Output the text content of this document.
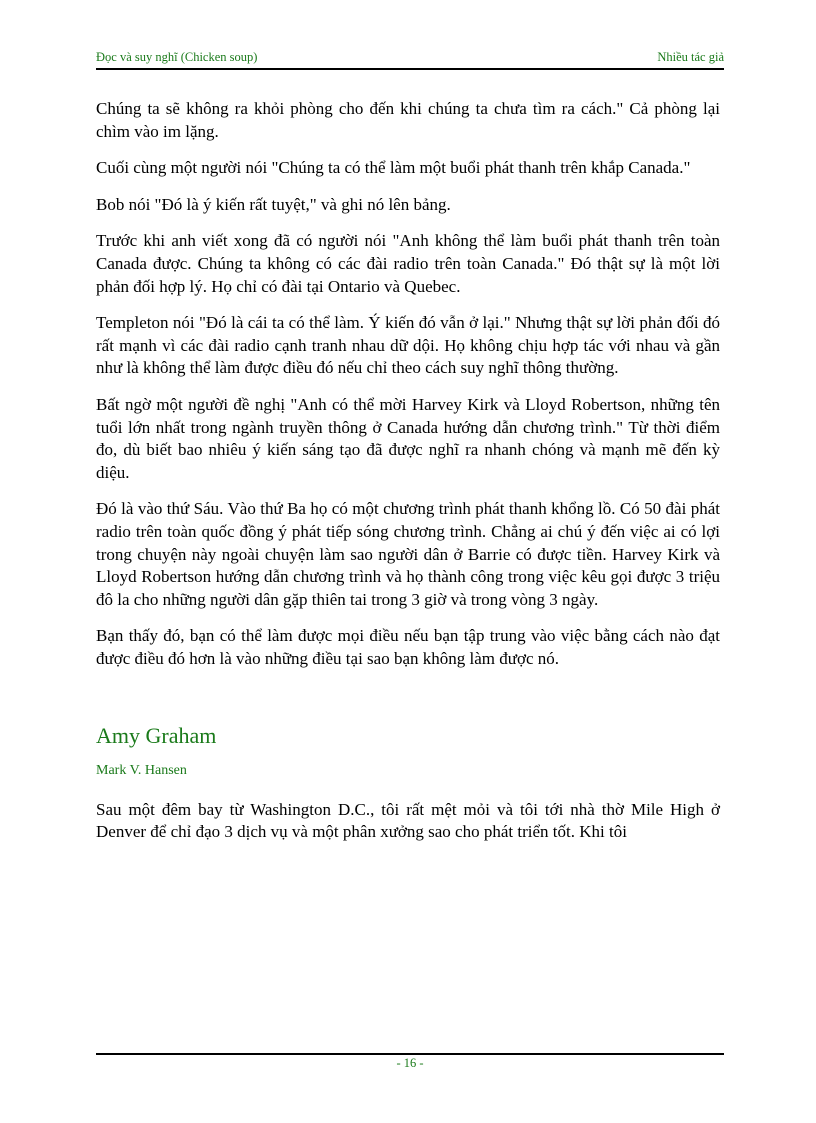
Đọc và suy nghĩ (Chicken soup)	Nhiều tác giả

Chúng ta sẽ không ra khỏi phòng cho đến khi chúng ta chưa tìm ra cách." Cả phòng lại chìm vào im lặng.

Cuối cùng một người nói "Chúng ta có thể làm một buổi phát thanh trên khắp Canada."

Bob nói "Đó là ý kiến rất tuyệt," và ghi nó lên bảng.

Trước khi anh viết xong đã có người nói "Anh không thể làm buổi phát thanh trên toàn Canada được. Chúng ta không có các đài radio trên toàn Canada." Đó thật sự là một lời phản đối hợp lý. Họ chỉ có đài tại Ontario và Quebec.

Templeton nói "Đó là cái ta có thể làm. Ý kiến đó vẫn ở lại." Nhưng thật sự lời phản đối đó rất mạnh vì các đài radio cạnh tranh nhau dữ dội. Họ không chịu hợp tác với nhau và gần như là không thể làm được điều đó nếu chỉ theo cách suy nghĩ thông thường.

Bất ngờ một người đề nghị "Anh có thể mời Harvey Kirk và Lloyd Robertson, những tên tuổi lớn nhất trong ngành truyền thông ở Canada hướng dẫn chương trình." Từ thời điểm đo, dù biết bao nhiêu ý kiến sáng tạo đã được nghĩ ra nhanh chóng và mạnh mẽ đến kỳ diệu.

Đó là vào thứ Sáu. Vào thứ Ba họ có một chương trình phát thanh khổng lồ. Có 50 đài phát radio trên toàn quốc đồng ý phát tiếp sóng chương trình. Chẳng ai chú ý đến việc ai có lợi trong chuyện này ngoài chuyện làm sao người dân ở Barrie có được tiền. Harvey Kirk và Lloyd Robertson hướng dẫn chương trình và họ thành công trong việc kêu gọi được 3 triệu đô la cho những người dân gặp thiên tai trong 3 giờ và trong vòng 3 ngày.

Bạn thấy đó, bạn có thể làm được mọi điều nếu bạn tập trung vào việc bằng cách nào đạt được điều đó hơn là vào những điều tại sao bạn không làm được nó.

Amy Graham
Mark V. Hansen

Sau một đêm bay từ Washington D.C., tôi rất mệt mỏi và tôi tới nhà thờ Mile High ở Denver để chỉ đạo 3 dịch vụ và một phân xưởng sao cho phát triển tốt. Khi tôi

- 16 -
